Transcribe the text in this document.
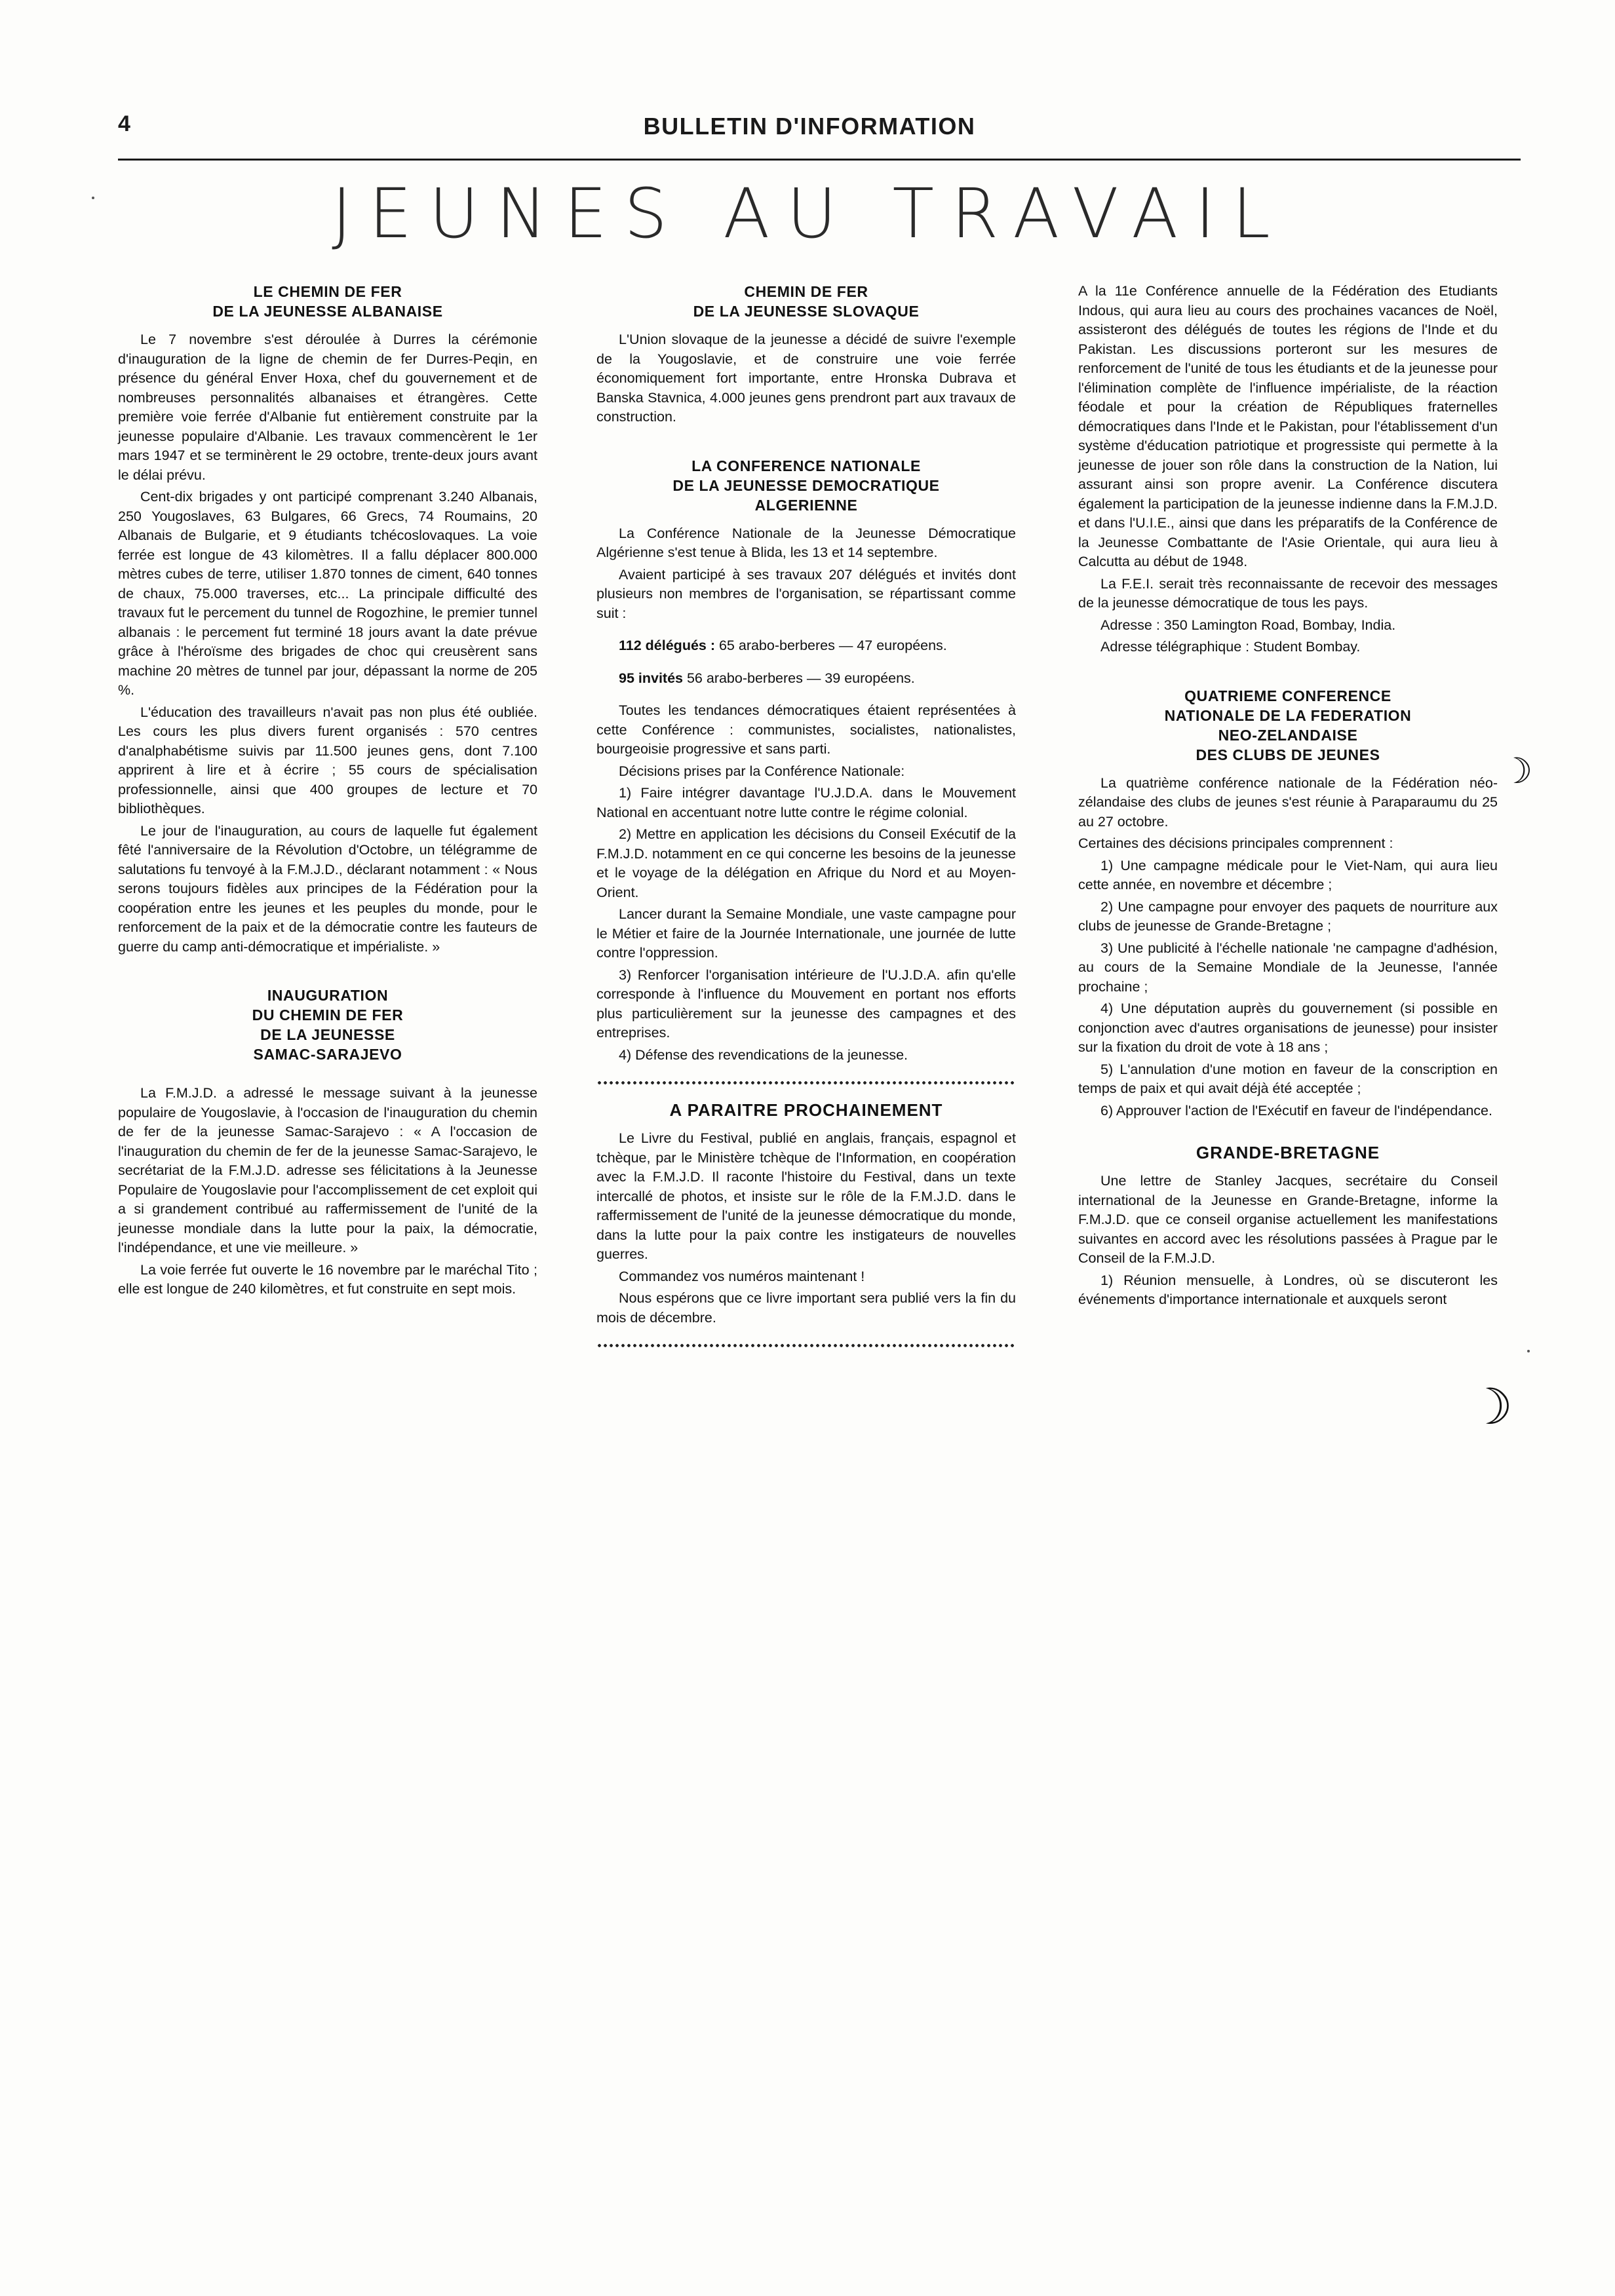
4	BULLETIN D'INFORMATION
JEUNES AU TRAVAIL
☽
☽
LE CHEMIN DE FER
DE LA JEUNESSE ALBANAISE

Le 7 novembre s'est déroulée à Durres la cérémonie d'inauguration de la ligne de chemin de fer Durres-Peqin, en présence du général Enver Hoxa, chef du gouvernement et de nombreuses personnalités albanaises et étrangères. Cette première voie ferrée d'Albanie fut entièrement construite par la jeunesse populaire d'Albanie. Les travaux commencèrent le 1er mars 1947 et se terminèrent le 29 octobre, trente-deux jours avant le délai prévu.

Cent-dix brigades y ont participé comprenant 3.240 Albanais, 250 Yougoslaves, 63 Bulgares, 66 Grecs, 74 Roumains, 20 Albanais de Bulgarie, et 9 étudiants tchécoslovaques. La voie ferrée est longue de 43 kilomètres. Il a fallu déplacer 800.000 mètres cubes de terre, utiliser 1.870 tonnes de ciment, 640 tonnes de chaux, 75.000 traverses, etc... La principale difficulté des travaux fut le percement du tunnel de Rogozhine, le premier tunnel albanais : le percement fut terminé 18 jours avant la date prévue grâce à l'héroïsme des brigades de choc qui creusèrent sans machine 20 mètres de tunnel par jour, dépassant la norme de 205 %.

L'éducation des travailleurs n'avait pas non plus été oubliée. Les cours les plus divers furent organisés : 570 centres d'analphabétisme suivis par 11.500 jeunes gens, dont 7.100 apprirent à lire et à écrire ; 55 cours de spécialisation professionnelle, ainsi que 400 groupes de lecture et 70 bibliothèques.

Le jour de l'inauguration, au cours de laquelle fut également fêté l'anniversaire de la Révolution d'Octobre, un télégramme de salutations fu tenvoyé à la F.M.J.D., déclarant notamment : « Nous serons toujours fidèles aux principes de la Fédération pour la coopération entre les jeunes et les peuples du monde, pour le renforcement de la paix et de la démocratie contre les fauteurs de guerre du camp anti-démocratique et impérialiste. »

INAUGURATION
DU CHEMIN DE FER
DE LA JEUNESSE
SAMAC-SARAJEVO

La F.M.J.D. a adressé le message suivant à la jeunesse populaire de Yougoslavie, à l'occasion de l'inauguration du chemin de fer de la jeunesse Samac-Sarajevo : « A l'occasion de l'inauguration du chemin de fer de la jeunesse Samac-Sarajevo, le secrétariat de la F.M.J.D. adresse ses félicitations à la Jeunesse Populaire de Yougoslavie pour l'accomplissement de cet exploit qui a si grandement contribué au raffermissement de l'unité de la jeunesse mondiale dans la lutte pour la paix, la démocratie, l'indépendance, et une vie meilleure. »

La voie ferrée fut ouverte le 16 novembre par le maréchal Tito ; elle est longue de 240 kilomètres, et fut construite en sept mois.

CHEMIN DE FER
DE LA JEUNESSE SLOVAQUE

L'Union slovaque de la jeunesse a décidé de suivre l'exemple de la Yougoslavie, et de construire une voie ferrée économiquement fort importante, entre Hronska Dubrava et Banska Stavnica, 4.000 jeunes gens prendront part aux travaux de construction.

LA CONFERENCE NATIONALE
DE LA JEUNESSE DEMOCRATIQUE
ALGERIENNE

La Conférence Nationale de la Jeunesse Démocratique Algérienne s'est tenue à Blida, les 13 et 14 septembre.

Avaient participé à ses travaux 207 délégués et invités dont plusieurs non membres de l'organisation, se répartissant comme suit :

112 délégués : 65 arabo-berberes — 47 européens.

95 invités 56 arabo-berberes — 39 européens.

Toutes les tendances démocratiques étaient représentées à cette Conférence : communistes, socialistes, nationalistes, bourgeoisie progressive et sans parti.

Décisions prises par la Conférence Nationale:

1) Faire intégrer davantage l'U.J.D.A. dans le Mouvement National en accentuant notre lutte contre le régime colonial.

2) Mettre en application les décisions du Conseil Exécutif de la F.M.J.D. notamment en ce qui concerne les besoins de la jeunesse et le voyage de la délégation en Afrique du Nord et au Moyen-Orient.

Lancer durant la Semaine Mondiale, une vaste campagne pour le Métier et faire de la Journée Internationale, une journée de lutte contre l'oppression.

3) Renforcer l'organisation intérieure de l'U.J.D.A. afin qu'elle corresponde à l'influence du Mouvement en portant nos efforts plus particulièrement sur la jeunesse des campagnes et des entreprises.

4) Défense des revendications de la jeunesse.

A PARAITRE PROCHAINEMENT

Le Livre du Festival, publié en anglais, français, espagnol et tchèque, par le Ministère tchèque de l'Information, en coopération avec la F.M.J.D. Il raconte l'histoire du Festival, dans un texte intercallé de photos, et insiste sur le rôle de la F.M.J.D. dans le raffermissement de l'unité de la jeunesse démocratique du monde, dans la lutte pour la paix contre les instigateurs de nouvelles guerres.

Commandez vos numéros maintenant !

Nous espérons que ce livre important sera publié vers la fin du mois de décembre.

A la 11e Conférence annuelle de la Fédération des Etudiants Indous, qui aura lieu au cours des prochaines vacances de Noël, assisteront des délégués de toutes les régions de l'Inde et du Pakistan. Les discussions porteront sur les mesures de renforcement de l'unité de tous les étudiants et de la jeunesse pour l'élimination complète de l'influence impérialiste, de la réaction féodale et pour la création de Républiques fraternelles démocratiques dans l'Inde et le Pakistan, pour l'établissement d'un système d'éducation patriotique et progressiste qui permette à la jeunesse de jouer son rôle dans la construction de la Nation, lui assurant ainsi son propre avenir. La Conférence discutera également la participation de la jeunesse indienne dans la F.M.J.D. et dans l'U.I.E., ainsi que dans les préparatifs de la Conférence de la Jeunesse Combattante de l'Asie Orientale, qui aura lieu à Calcutta au début de 1948.

La F.E.I. serait très reconnaissante de recevoir des messages de la jeunesse démocratique de tous les pays.

Adresse : 350 Lamington Road, Bombay, India.

Adresse télégraphique : Student Bombay.

QUATRIEME CONFERENCE
NATIONALE DE LA FEDERATION
NEO-ZELANDAISE
DES CLUBS DE JEUNES

La quatrième conférence nationale de la Fédération néo-zélandaise des clubs de jeunes s'est réunie à Paraparaumu du 25 au 27 octobre.

Certaines des décisions principales comprennent :

1) Une campagne médicale pour le Viet-Nam, qui aura lieu cette année, en novembre et décembre ;

2) Une campagne pour envoyer des paquets de nourriture aux clubs de jeunesse de Grande-Bretagne ;

3) Une publicité à l'échelle nationale 'ne campagne d'adhésion, au cours de la Semaine Mondiale de la Jeunesse, l'année prochaine ;

4) Une députation auprès du gouvernement (si possible en conjonction avec d'autres organisations de jeunesse) pour insister sur la fixation du droit de vote à 18 ans ;

5) L'annulation d'une motion en faveur de la conscription en temps de paix et qui avait déjà été acceptée ;

6) Approuver l'action de l'Exécutif en faveur de l'indépendance.

GRANDE-BRETAGNE

Une lettre de Stanley Jacques, secrétaire du Conseil international de la Jeunesse en Grande-Bretagne, informe la F.M.J.D. que ce conseil organise actuellement les manifestations suivantes en accord avec les résolutions passées à Prague par le Conseil de la F.M.J.D.

1) Réunion mensuelle, à Londres, où se discuteront les événements d'importance internationale et auxquels seront
